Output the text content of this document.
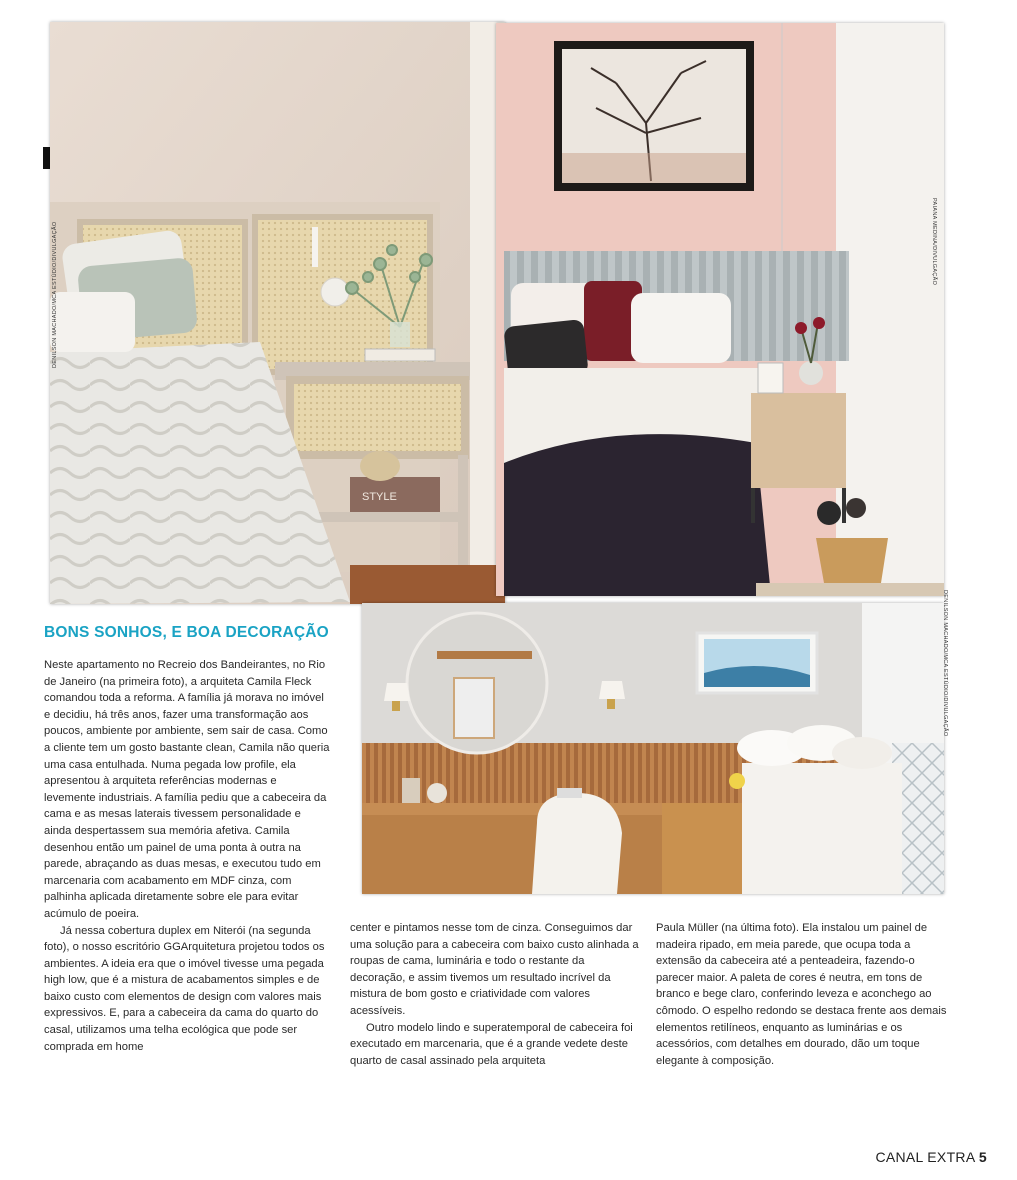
STYLE
DENILSON MACHADO/MCA ESTÚDIO/DIVULGAÇÃO	PAIANA MEDINA/DIVULGAÇÃO
DENILSON MACHADO/MCA ESTÚDIO/DIVULGAÇÃO
BONS SONHOS, E BOA DECORAÇÃO

Neste apartamento no Recreio dos Bandeirantes, no Rio de Janeiro (na primeira foto), a arquiteta Camila Fleck comandou toda a reforma. A família já morava no imóvel e decidiu, há três anos, fazer uma transformação aos poucos, ambiente por ambiente, sem sair de casa. Como a cliente tem um gosto bastante clean, Camila não queria uma casa entulhada. Numa pegada low profile, ela apresentou à arquiteta referências modernas e levemente industriais. A família pediu que a cabeceira da cama e as mesas laterais tivessem personalidade e ainda despertassem sua memória afetiva. Camila desenhou então um painel de uma ponta à outra na parede, abraçando as duas mesas, e executou tudo em marcenaria com acabamento em MDF cinza, com palhinha aplicada diretamente sobre ele para evitar acúmulo de poeira.

Já nessa cobertura duplex em Niterói (na segunda foto), o nosso escritório GGArquitetura projetou todos os ambientes. A ideia era que o imóvel tivesse uma pegada high low, que é a mistura de acabamentos simples e de baixo custo com elementos de design com valores mais expressivos. E, para a cabeceira da cama do quarto do casal, utilizamos uma telha ecológica que pode ser comprada em home

center e pintamos nesse tom de cinza. Conseguimos dar uma solução para a cabeceira com baixo custo alinhada a roupas de cama, luminária e todo o restante da decoração, e assim tivemos um resultado incrível da mistura de bom gosto e criatividade com valores acessíveis.

Outro modelo lindo e superatemporal de cabeceira foi executado em marcenaria, que é a grande vedete deste quarto de casal assinado pela arquiteta

Paula Müller (na última foto). Ela instalou um painel de madeira ripado, em meia parede, que ocupa toda a extensão da cabeceira até a penteadeira, fazendo-o parecer maior. A paleta de cores é neutra, em tons de branco e bege claro, conferindo leveza e aconchego ao cômodo. O espelho redondo se destaca frente aos demais elementos retilíneos, enquanto as luminárias e os acessórios, com detalhes em dourado, dão um toque elegante à composição.

CANAL EXTRA 5
